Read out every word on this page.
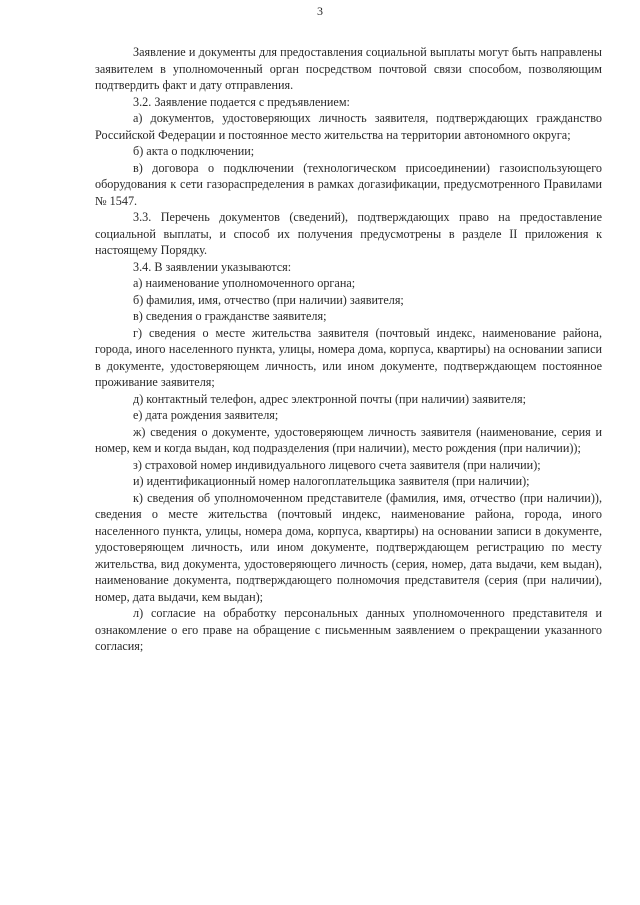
3

Заявление и документы для предоставления социальной выплаты могут быть направлены заявителем в уполномоченный орган посредством почтовой связи способом, позволяющим подтвердить факт и дату отправления.

3.2. Заявление подается с предъявлением:

а) документов, удостоверяющих личность заявителя, подтверждающих гражданство Российской Федерации и постоянное место жительства на территории автономного округа;

б) акта о подключении;

в) договора о подключении (технологическом присоединении) газоиспользующего оборудования к сети газораспределения в рамках догазификации, предусмотренного Правилами № 1547.

3.3. Перечень документов (сведений), подтверждающих право на предоставление социальной выплаты, и способ их получения предусмотрены в разделе II приложения к настоящему Порядку.

3.4. В заявлении указываются:

а) наименование уполномоченного органа;

б) фамилия, имя, отчество (при наличии) заявителя;

в) сведения о гражданстве заявителя;

г) сведения о месте жительства заявителя (почтовый индекс, наименование района, города, иного населенного пункта, улицы, номера дома, корпуса, квартиры) на основании записи в документе, удостоверяющем личность, или ином документе, подтверждающем постоянное проживание заявителя;

д) контактный телефон, адрес электронной почты (при наличии) заявителя;

е) дата рождения заявителя;

ж) сведения о документе, удостоверяющем личность заявителя (наименование, серия и номер, кем и когда выдан, код подразделения (при наличии), место рождения (при наличии));

з) страховой номер индивидуального лицевого счета заявителя (при наличии);

и) идентификационный номер налогоплательщика заявителя (при наличии);

к) сведения об уполномоченном представителе (фамилия, имя, отчество (при наличии)), сведения о месте жительства (почтовый индекс, наименование района, города, иного населенного пункта, улицы, номера дома, корпуса, квартиры) на основании записи в документе, удостоверяющем личность, или ином документе, подтверждающем регистрацию по месту жительства, вид документа, удостоверяющего личность (серия, номер, дата выдачи, кем выдан), наименование документа, подтверждающего полномочия представителя (серия (при наличии), номер, дата выдачи, кем выдан);

л) согласие на обработку персональных данных уполномоченного представителя и ознакомление о его праве на обращение с письменным заявлением о прекращении указанного согласия;
